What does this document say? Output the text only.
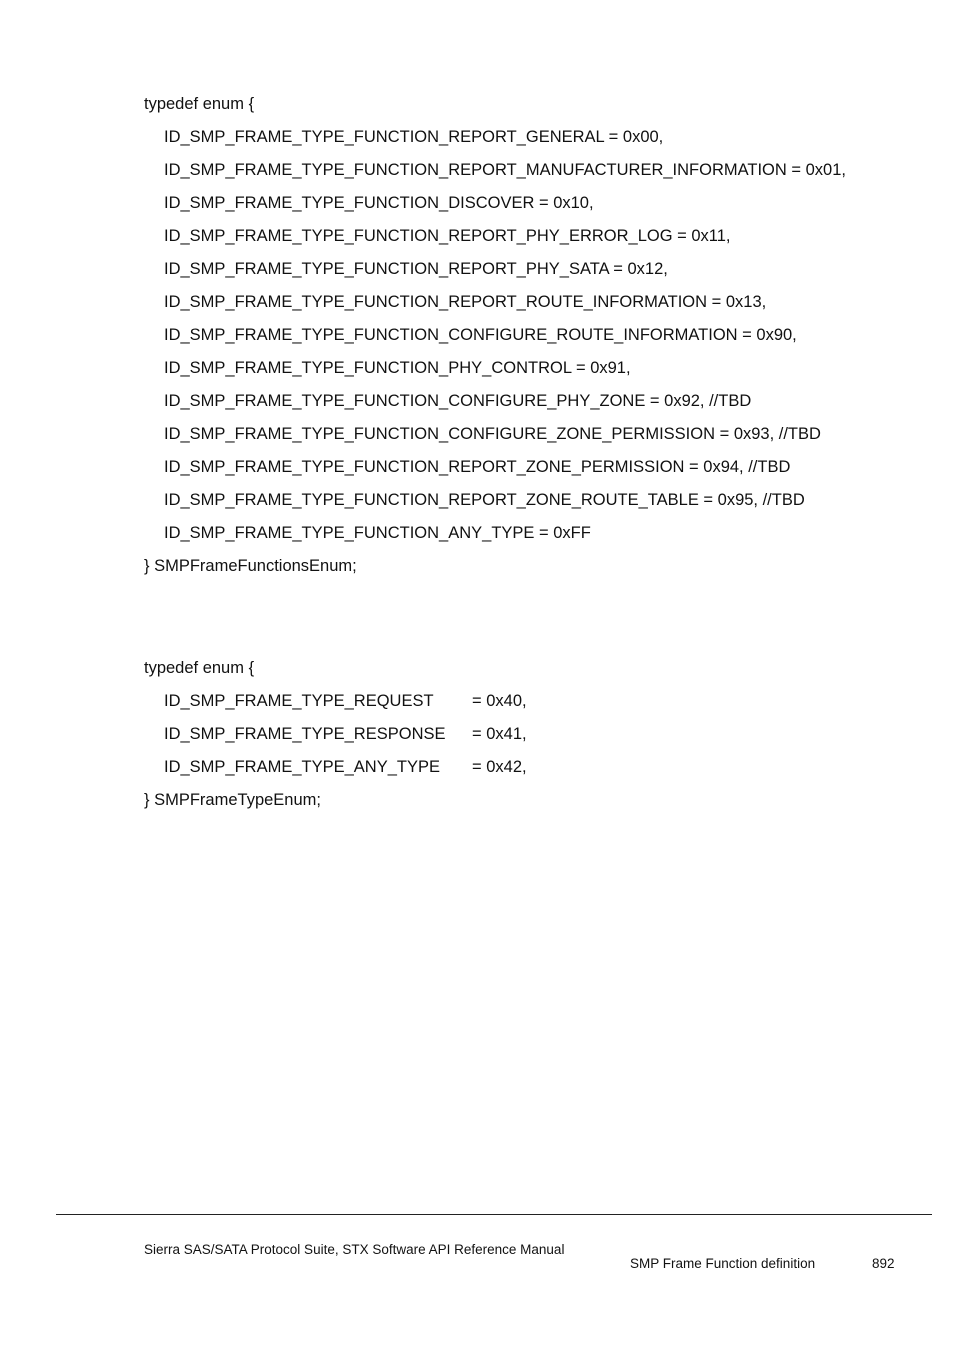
typedef enum {
ID_SMP_FRAME_TYPE_FUNCTION_REPORT_GENERAL = 0x00,
ID_SMP_FRAME_TYPE_FUNCTION_REPORT_MANUFACTURER_INFORMATION = 0x01,
ID_SMP_FRAME_TYPE_FUNCTION_DISCOVER = 0x10,
ID_SMP_FRAME_TYPE_FUNCTION_REPORT_PHY_ERROR_LOG = 0x11,
ID_SMP_FRAME_TYPE_FUNCTION_REPORT_PHY_SATA = 0x12,
ID_SMP_FRAME_TYPE_FUNCTION_REPORT_ROUTE_INFORMATION = 0x13,
ID_SMP_FRAME_TYPE_FUNCTION_CONFIGURE_ROUTE_INFORMATION = 0x90,
ID_SMP_FRAME_TYPE_FUNCTION_PHY_CONTROL = 0x91,
ID_SMP_FRAME_TYPE_FUNCTION_CONFIGURE_PHY_ZONE = 0x92, //TBD
ID_SMP_FRAME_TYPE_FUNCTION_CONFIGURE_ZONE_PERMISSION = 0x93, //TBD
ID_SMP_FRAME_TYPE_FUNCTION_REPORT_ZONE_PERMISSION = 0x94, //TBD
ID_SMP_FRAME_TYPE_FUNCTION_REPORT_ZONE_ROUTE_TABLE = 0x95, //TBD
ID_SMP_FRAME_TYPE_FUNCTION_ANY_TYPE = 0xFF
} SMPFrameFunctionsEnum;
typedef enum {
ID_SMP_FRAME_TYPE_REQUEST = 0x40,
ID_SMP_FRAME_TYPE_RESPONSE = 0x41,
ID_SMP_FRAME_TYPE_ANY_TYPE = 0x42,
} SMPFrameTypeEnum;
Sierra SAS/SATA Protocol Suite, STX Software API Reference Manual
SMP Frame Function definition	892
